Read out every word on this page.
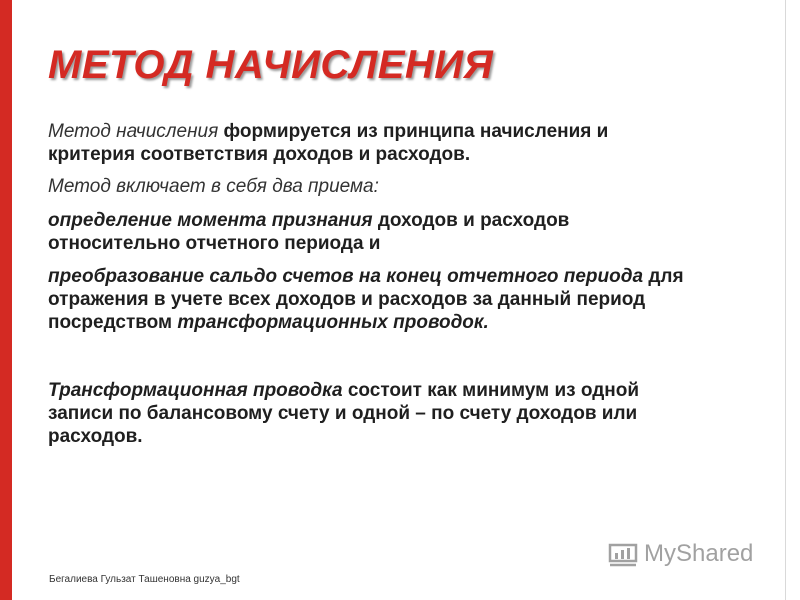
МЕТОД НАЧИСЛЕНИЯ

Метод начисления формируется из принципа начисления и критерия соответствия доходов и расходов.

Метод включает в себя два приема:

определение момента признания доходов и расходов относительно отчетного периода и

преобразование сальдо счетов на конец отчетного периода для отражения в учете всех доходов и расходов за данный период посредством трансформационных проводок.

Трансформационная проводка состоит как минимум из одной записи по балансовому счету и одной – по счету доходов или расходов.

Бегалиева Гульзат Ташеновна guzya_bgt
MyShared
